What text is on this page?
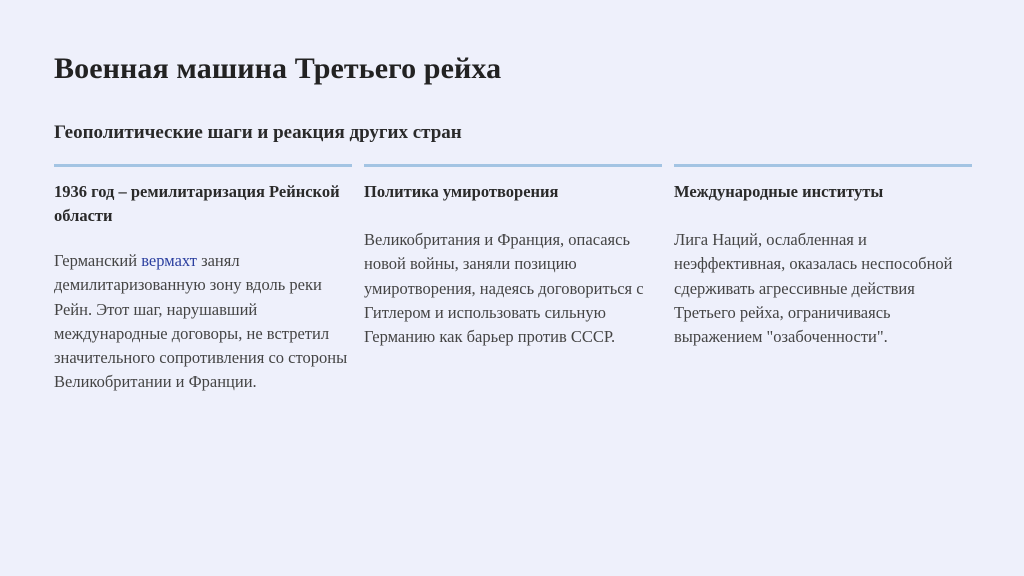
Военная машина Третьего рейха
Геополитические шаги и реакция других стран
1936 год – ремилитаризация Рейнской области

Германский вермахт занял демилитаризованную зону вдоль реки Рейн. Этот шаг, нарушавший международные договоры, не встретил значительного сопротивления со стороны Великобритании и Франции.

Политика умиротворения

Великобритания и Франция, опасаясь новой войны, заняли позицию умиротворения, надеясь договориться с Гитлером и использовать сильную Германию как барьер против СССР.

Международные институты

Лига Наций, ослабленная и неэффективная, оказалась неспособной сдерживать агрессивные действия Третьего рейха, ограничиваясь выражением "озабоченности".
